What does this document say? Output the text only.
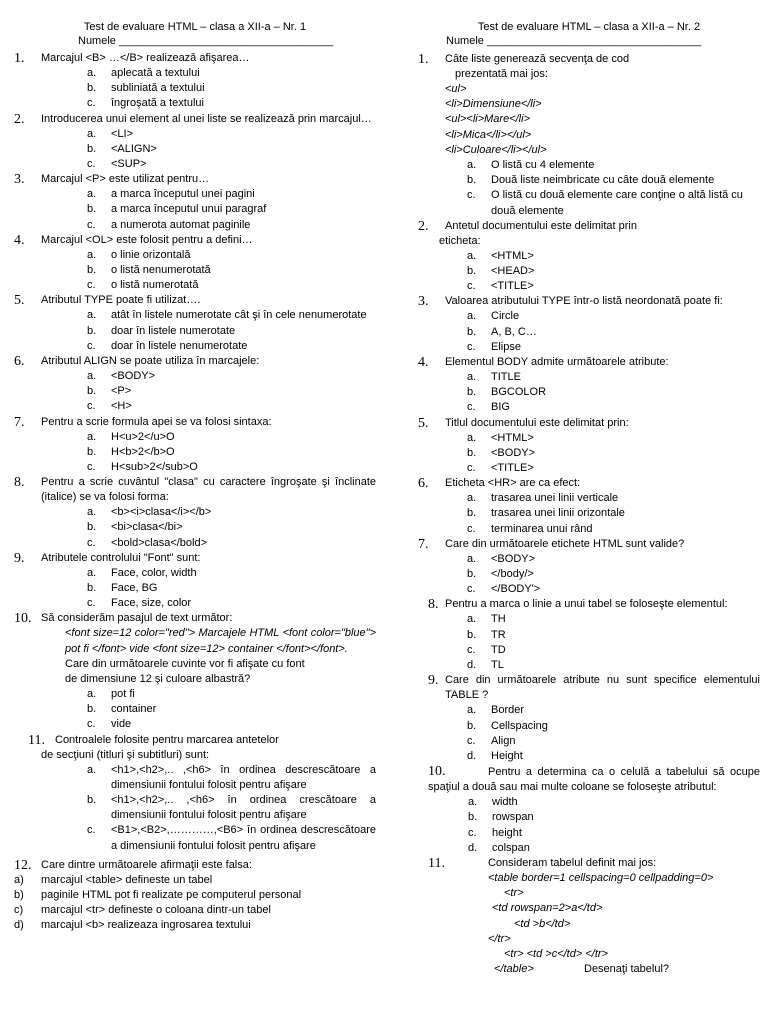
Test de evaluare HTML – clasa a XII-a – Nr. 1
Numele ___________________________________
1.	Marcajul <B> …</B> realizează afişarea…
a.	aplecată a textului
b.	subliniată a textului
c.	îngroşată a textului
2.	Introducerea unui element al unei liste se realizează prin marcajul…
a.	<LI>
b.	<ALIGN>
c.	<SUP>
3.	Marcajul <P> este utilizat pentru…
a.	a marca începutul unei pagini
b.	a marca începutul unui paragraf
c.	a numerota automat paginile
4.	Marcajul <OL> este folosit pentru a defini…
a.	o linie orizontală
b.	o listă nenumerotată
c.	o listă numerotată
5.	Atributul TYPE poate fi utilizat….
a.	atât în listele numerotate cât şi în cele nenumerotate
b.	doar în listele numerotate
c.	doar în listele nenumerotate
6.	Atributul ALIGN se poate utiliza în marcajele:
a.	<BODY>
b.	<P>
c.	<H>
7.	Pentru a scrie formula apei se va folosi sintaxa:
a.	H<u>2</u>O
b.	H<b>2</b>O
c.	H<sub>2</sub>O
8.	Pentru a scrie cuvântul "clasa" cu caractere îngroşate şi înclinate (italice) se va folosi forma:
a.	<b><i>clasa</i></b>
b.	<bi>clasa</bi>
c.	<bold>clasa</bold>
9.	Atributele controlului "Font" sunt:
a.	Face, color, width
b.	Face, BG
c.	Face, size, color
10. Să considerăm pasajul de text următor:
<font size=12 color="red"> Marcajele HTML <font color="blue"> pot fi </font> vide <font size=12> container </font></font>.
Care din următoarele cuvinte vor fi afişate cu font
de dimensiune 12 şi culoare albastră?
a.	pot fi
b.	container
c.	vide
11. Controalele folosite pentru marcarea antetelor
de secţiuni (titluri şi subtitluri) sunt:
a.	<h1>,<h2>,.. ,<h6> în ordinea descrescătoare a dimensiunii fontului folosit pentru afişare
b.	<h1>,<h2>,.. ,<h6> în ordinea crescătoare a dimensiunii fontului folosit pentru afişare
c.	<B1>,<B2>,…………,<B6> în ordinea descrescătoare a dimensiunii fontului folosit pentru afişare
12. Care dintre următoarele afirmaţii este falsa:
a)	marcajul <table> defineste un tabel
b)	paginile HTML pot fi realizate pe computerul personal
c)	marcajul <tr> defineste o coloana dintr-un tabel
d)	marcajul <b> realizeaza ingrosarea textului
Test de evaluare HTML – clasa a XII-a – Nr. 2
Numele ___________________________________
1.	Câte liste generează secvenţa de cod
prezentată mai jos:
<ul>
<li>Dimensiune</li>
<ul><li>Mare</li>
<li>Mica</li></ul>
<li>Culoare</li></ul>
a.	O listă cu 4 elemente
b.	Două liste neimbricate cu câte două elemente
c.	O listă cu două elemente care conţine o altă listă cu două elemente
2.	Antetul documentului este delimitat prin
eticheta:
a.	<HTML>
b.	<HEAD>
c.	<TITLE>
3.	Valoarea atributului TYPE într-o listă neordonată poate fi:
a.	Circle
b.	A, B, C…
c.	Elipse
4.	Elementul BODY admite următoarele atribute:
a.	TITLE
b.	BGCOLOR
c.	BIG
5.	Titlul documentului este delimitat prin:
a.	<HTML>
b.	<BODY>
c.	<TITLE>
6.	Eticheta <HR> are ca efect:
a.	trasarea unei linii verticale
b.	trasarea unei linii orizontale
c.	terminarea unui rând
7.	Care din următoarele etichete HTML sunt valide?
a.	<BODY>
b.	</body/>
c.	</BODY'>
8. Pentru a marca o linie a unui tabel se foloseşte elementul:
a.	TH
b.	TR
c.	TD
d.	TL
9. Care din următoarele atribute nu sunt specifice elementului TABLE ?
a.	Border
b.	Cellspacing
c.	Align
d.	Height
10.	Pentru a determina ca o celulă a tabelului să ocupe spaţiul a două sau mai multe coloane se foloseşte atributul:
a.	width
b.	rowspan
c.	height
d.	colspan
11.	Consideram tabelul definit mai jos:
<table border=1 cellspacing=0 cellpadding=0>
<tr>
<td rowspan=2>a</td>
<td >b</td>
</tr>
<tr> <td >c</td> </tr>
</table>	Desenaţi tabelul?
